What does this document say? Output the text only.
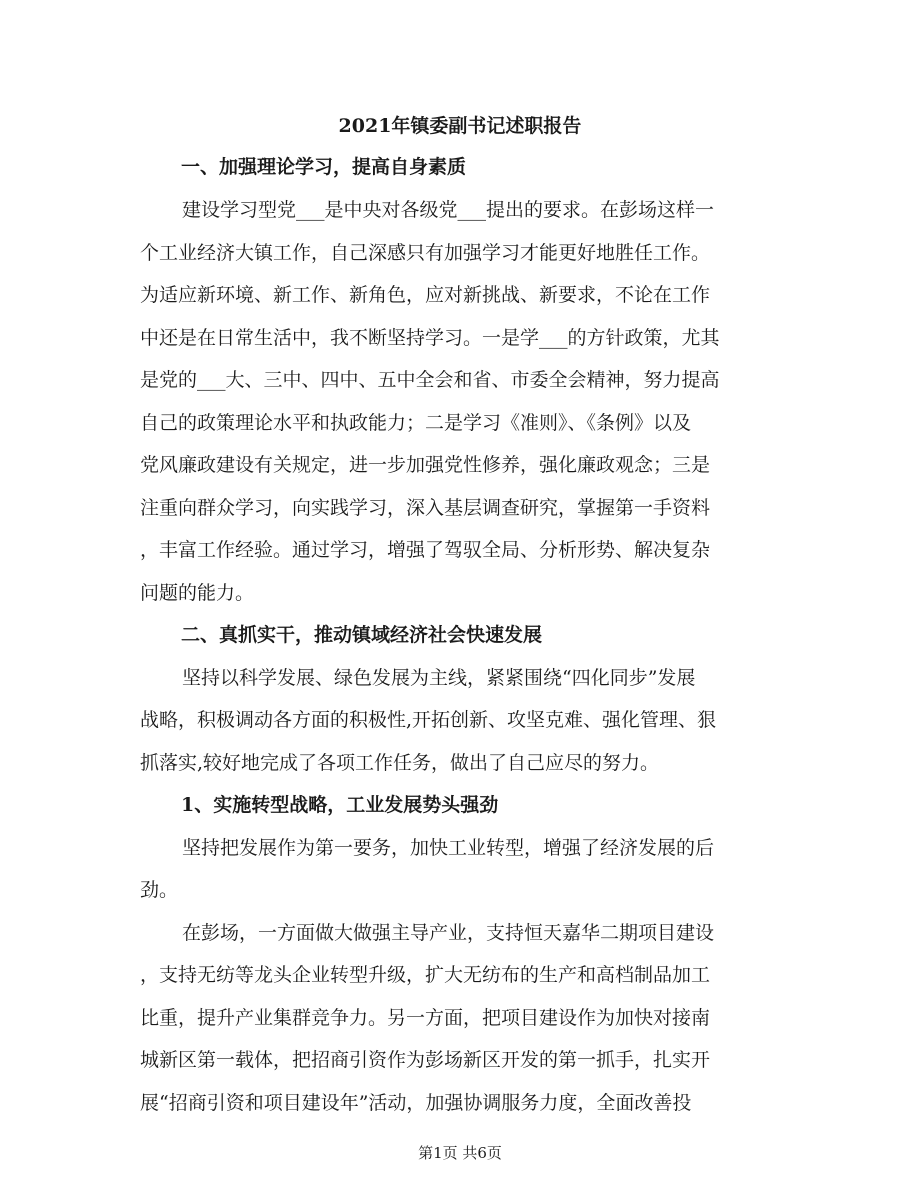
2021年镇委副书记述职报告
一、加强理论学习，提高自身素质
建设学习型党___是中央对各级党___提出的要求。在彭场这样一
个工业经济大镇工作，自己深感只有加强学习才能更好地胜任工作。
为适应新环境、新工作、新角色，应对新挑战、新要求，不论在工作
中还是在日常生活中，我不断坚持学习。一是学___的方针政策，尤其
是党的___大、三中、四中、五中全会和省、市委全会精神，努力提高
自己的政策理论水平和执政能力；二是学习《准则》、《条例》以及
党风廉政建设有关规定，进一步加强党性修养，强化廉政观念；三是
注重向群众学习，向实践学习，深入基层调查研究，掌握第一手资料
，丰富工作经验。通过学习，增强了驾驭全局、分析形势、解决复杂
问题的能力。
二、真抓实干，推动镇域经济社会快速发展
坚持以科学发展、绿色发展为主线，紧紧围绕“四化同步”发展
战略，积极调动各方面的积极性,开拓创新、攻坚克难、强化管理、狠
抓落实,较好地完成了各项工作任务，做出了自己应尽的努力。
1、实施转型战略，工业发展势头强劲
坚持把发展作为第一要务，加快工业转型，增强了经济发展的后
劲。
在彭场，一方面做大做强主导产业，支持恒天嘉华二期项目建设
，支持无纺等龙头企业转型升级，扩大无纺布的生产和高档制品加工
比重，提升产业集群竞争力。另一方面，把项目建设作为加快对接南
城新区第一载体，把招商引资作为彭场新区开发的第一抓手，扎实开
展“招商引资和项目建设年”活动，加强协调服务力度，全面改善投
第1页 共6页
